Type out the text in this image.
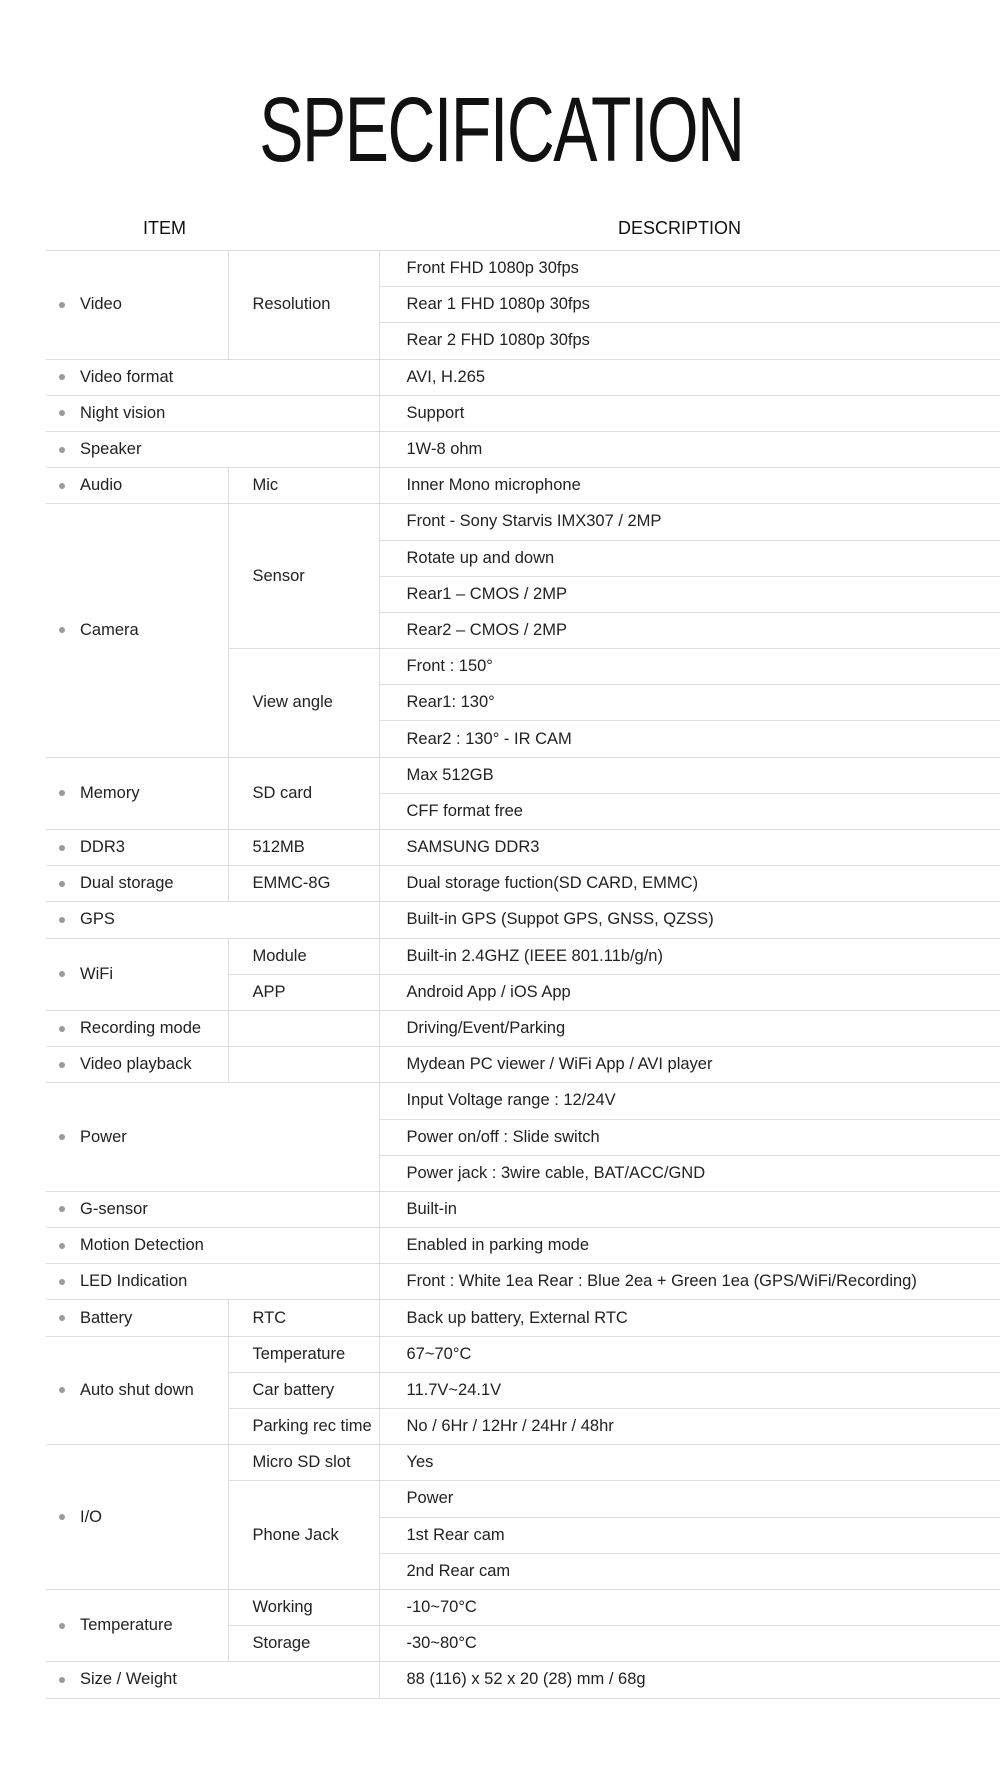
SPECIFICATION
ITEM	DESCRIPTION
Video	Resolution	Front FHD 1080p 30fps
		Rear 1 FHD 1080p 30fps
		Rear 2 FHD 1080p 30fps
Video format		AVI, H.265
Night vision		Support
Speaker		1W-8 ohm
Audio	Mic	Inner Mono microphone
Camera	Sensor	Front - Sony Starvis IMX307 / 2MP
		Rotate up and down
		Rear1 – CMOS / 2MP
		Rear2 – CMOS / 2MP
	View angle	Front : 150°
		Rear1: 130°
		Rear2 : 130° - IR CAM
Memory	SD card	Max 512GB
		CFF format free
DDR3	512MB	SAMSUNG DDR3
Dual storage	EMMC-8G	Dual storage fuction(SD CARD, EMMC)
GPS		Built-in GPS (Suppot GPS, GNSS, QZSS)
WiFi	Module	Built-in 2.4GHZ (IEEE 801.11b/g/n)
	APP	Android App / iOS App
Recording mode		Driving/Event/Parking
Video playback		Mydean PC viewer / WiFi App / AVI player
Power		Input Voltage range : 12/24V
		Power on/off : Slide switch
		Power jack : 3wire cable, BAT/ACC/GND
G-sensor		Built-in
Motion Detection		Enabled in parking mode
LED Indication		Front : White 1ea Rear : Blue 2ea + Green 1ea (GPS/WiFi/Recording)
Battery	RTC	Back up battery, External RTC
Auto shut down	Temperature	67~70°C
	Car battery	11.7V~24.1V
	Parking rec time	No / 6Hr / 12Hr / 24Hr / 48hr
I/O	Micro SD slot	Yes
	Phone Jack	Power
		1st Rear cam
		2nd Rear cam
Temperature	Working	-10~70°C
	Storage	-30~80°C
Size / Weight		88 (116) x 52 x 20 (28) mm / 68g
